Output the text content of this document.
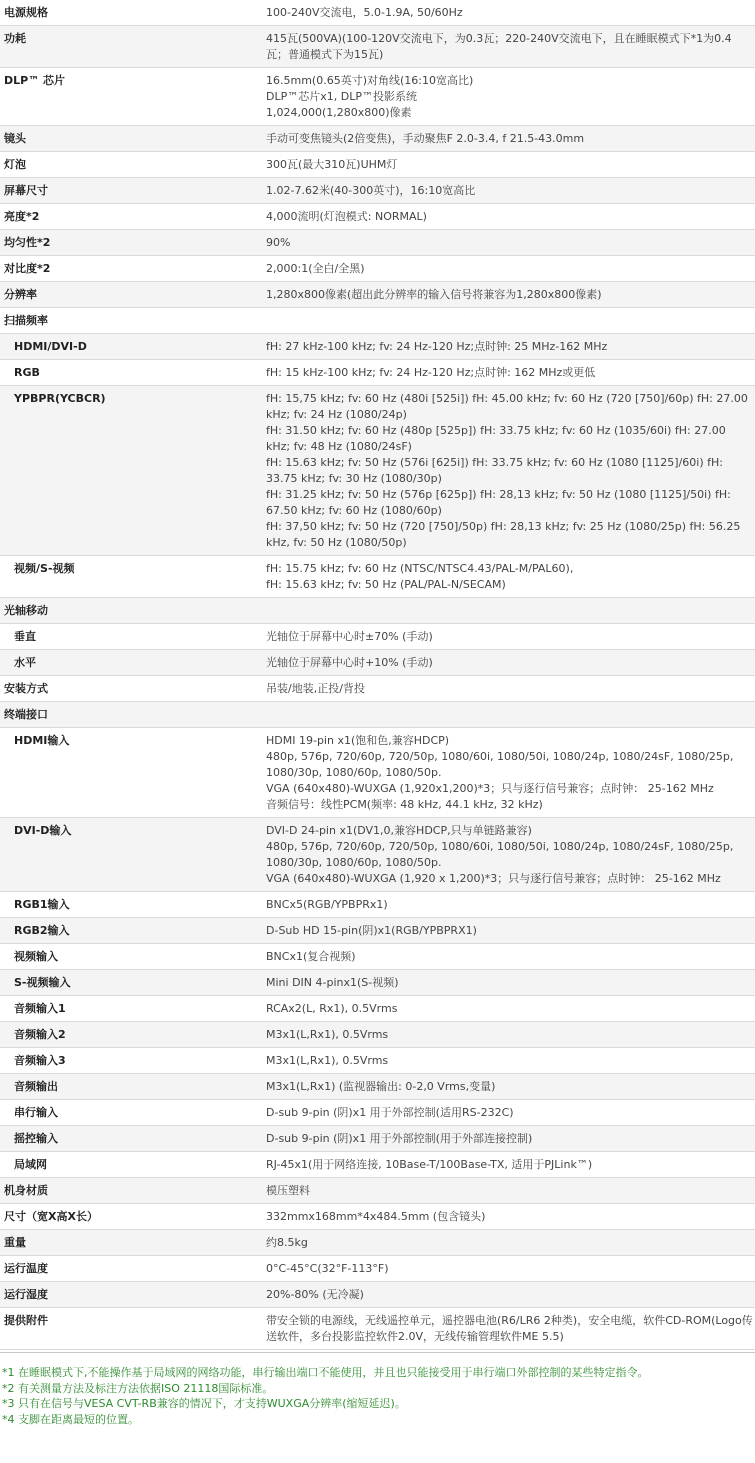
电源规格	100-240V交流电，5.0-1.9A, 50/60Hz

功耗	415瓦(500VA)(100-120V交流电下，为0.3瓦；220-240V交流电下，且在睡眠模式下*1为0.4瓦；普通模式下为15瓦)

DLP™ 芯片	16.5mm(0.65英寸)对角线(16:10宽高比)
DLP™芯片x1, DLP™投影系统
1,024,000(1,280x800)像素

镜头	手动可变焦镜头(2倍变焦)，手动聚焦F 2.0-3.4, f 21.5-43.0mm

灯泡	300瓦(最大310瓦)UHM灯

屏幕尺寸	1.02-7.62米(40-300英寸)，16:10宽高比

亮度*2	4,000流明(灯泡模式: NORMAL)

均匀性*2	90%

对比度*2	2,000:1(全白/全黑)

分辨率	1,280x800像素(超出此分辨率的输入信号将兼容为1,280x800像素)

扫描频率	
HDMI/DVI-D	fH: 27 kHz-100 kHz; fv: 24 Hz-120 Hz;点时钟: 25 MHz-162 MHz

RGB	fH: 15 kHz-100 kHz; fv: 24 Hz-120 Hz;点时钟: 162 MHz或更低

YPBPR(YCBCR)	fH: 15,75 kHz; fv: 60 Hz (480i [525i]) fH: 45.00 kHz; fv: 60 Hz (720 [750]/60p) fH: 27.00 kHz; fv: 24 Hz (1080/24p)
fH: 31.50 kHz; fv: 60 Hz (480p [525p]) fH: 33.75 kHz; fv: 60 Hz (1035/60i) fH: 27.00 kHz; fv: 48 Hz (1080/24sF)
fH: 15.63 kHz; fv: 50 Hz (576i [625i]) fH: 33.75 kHz; fv: 60 Hz (1080 [1125]/60i) fH: 33.75 kHz; fv: 30 Hz (1080/30p)
fH: 31.25 kHz; fv: 50 Hz (576p [625p]) fH: 28,13 kHz; fv: 50 Hz (1080 [1125]/50i) fH: 67.50 kHz; fv: 60 Hz (1080/60p)
fH: 37,50 kHz; fv: 50 Hz (720 [750]/50p) fH: 28,13 kHz; fv: 25 Hz (1080/25p) fH: 56.25 kHz, fv: 50 Hz (1080/50p)

视频/S-视频	fH: 15.75 kHz; fv: 60 Hz (NTSC/NTSC4.43/PAL-M/PAL60),
fH: 15.63 kHz; fv: 50 Hz (PAL/PAL-N/SECAM)

光轴移动	
垂直	光轴位于屏幕中心时±70% (手动)

水平	光轴位于屏幕中心时+10% (手动)

安装方式	吊装/地装,正投/背投

终端接口	
HDMI输入	HDMI 19-pin x1(饱和色,兼容HDCP)
480p, 576p, 720/60p, 720/50p, 1080/60i, 1080/50i, 1080/24p, 1080/24sF, 1080/25p, 1080/30p, 1080/60p, 1080/50p.
VGA (640x480)-WUXGA (1,920x1,200)*3；只与逐行信号兼容；点时钟： 25-162 MHz
音频信号：线性PCM(频率: 48 kHz, 44.1 kHz, 32 kHz)

DVI-D输入	DVI-D 24-pin x1(DV1,0,兼容HDCP,只与单链路兼容)
480p, 576p, 720/60p, 720/50p, 1080/60i, 1080/50i, 1080/24p, 1080/24sF, 1080/25p, 1080/30p, 1080/60p, 1080/50p.
VGA (640x480)-WUXGA (1,920 x 1,200)*3；只与逐行信号兼容；点时钟： 25-162 MHz

RGB1输入	BNCx5(RGB/YPBPRx1)

RGB2输入	D-Sub HD 15-pin(阴)x1(RGB/YPBPRX1)

视频输入	BNCx1(复合视频)

S-视频输入	Mini DIN 4-pinx1(S-视频)

音频输入1	RCAx2(L, Rx1), 0.5Vrms

音频输入2	M3x1(L,Rx1), 0.5Vrms

音频输入3	M3x1(L,Rx1), 0.5Vrms

音频输出	M3x1(L,Rx1) (监视器输出: 0-2,0 Vrms,变量)

串行输入	D-sub 9-pin (阴)x1 用于外部控制(适用RS-232C)

摇控输入	D-sub 9-pin (阴)x1 用于外部控制(用于外部连接控制)

局域网	RJ-45x1(用于网络连接, 10Base-T/100Base-TX, 适用于PJLink™)

机身材质	模压塑料

尺寸（宽X高X长）	332mmx168mm*4x484.5mm (包含镜头)

重量	约8.5kg

运行温度	0°C-45°C(32°F-113°F)

运行湿度	20%-80% (无冷凝)

提供附件	带安全锁的电源线，无线遥控单元，遥控器电池(R6/LR6 2种类)，安全电缆，软件CD-ROM(Logo传送软件，多台投影监控软件2.0V，无线传输管理软件ME 5.5)
*1 在睡眠模式下,不能操作基于局域网的网络功能，串行输出端口不能使用，并且也只能接受用于串行端口外部控制的某些特定指令。
*2 有关测量方法及标注方法依据ISO 21118国际标准。
*3 只有在信号与VESA CVT-RB兼容的情况下，才支持WUXGA分辨率(缩短延迟)。
*4 支脚在距离最短的位置。
